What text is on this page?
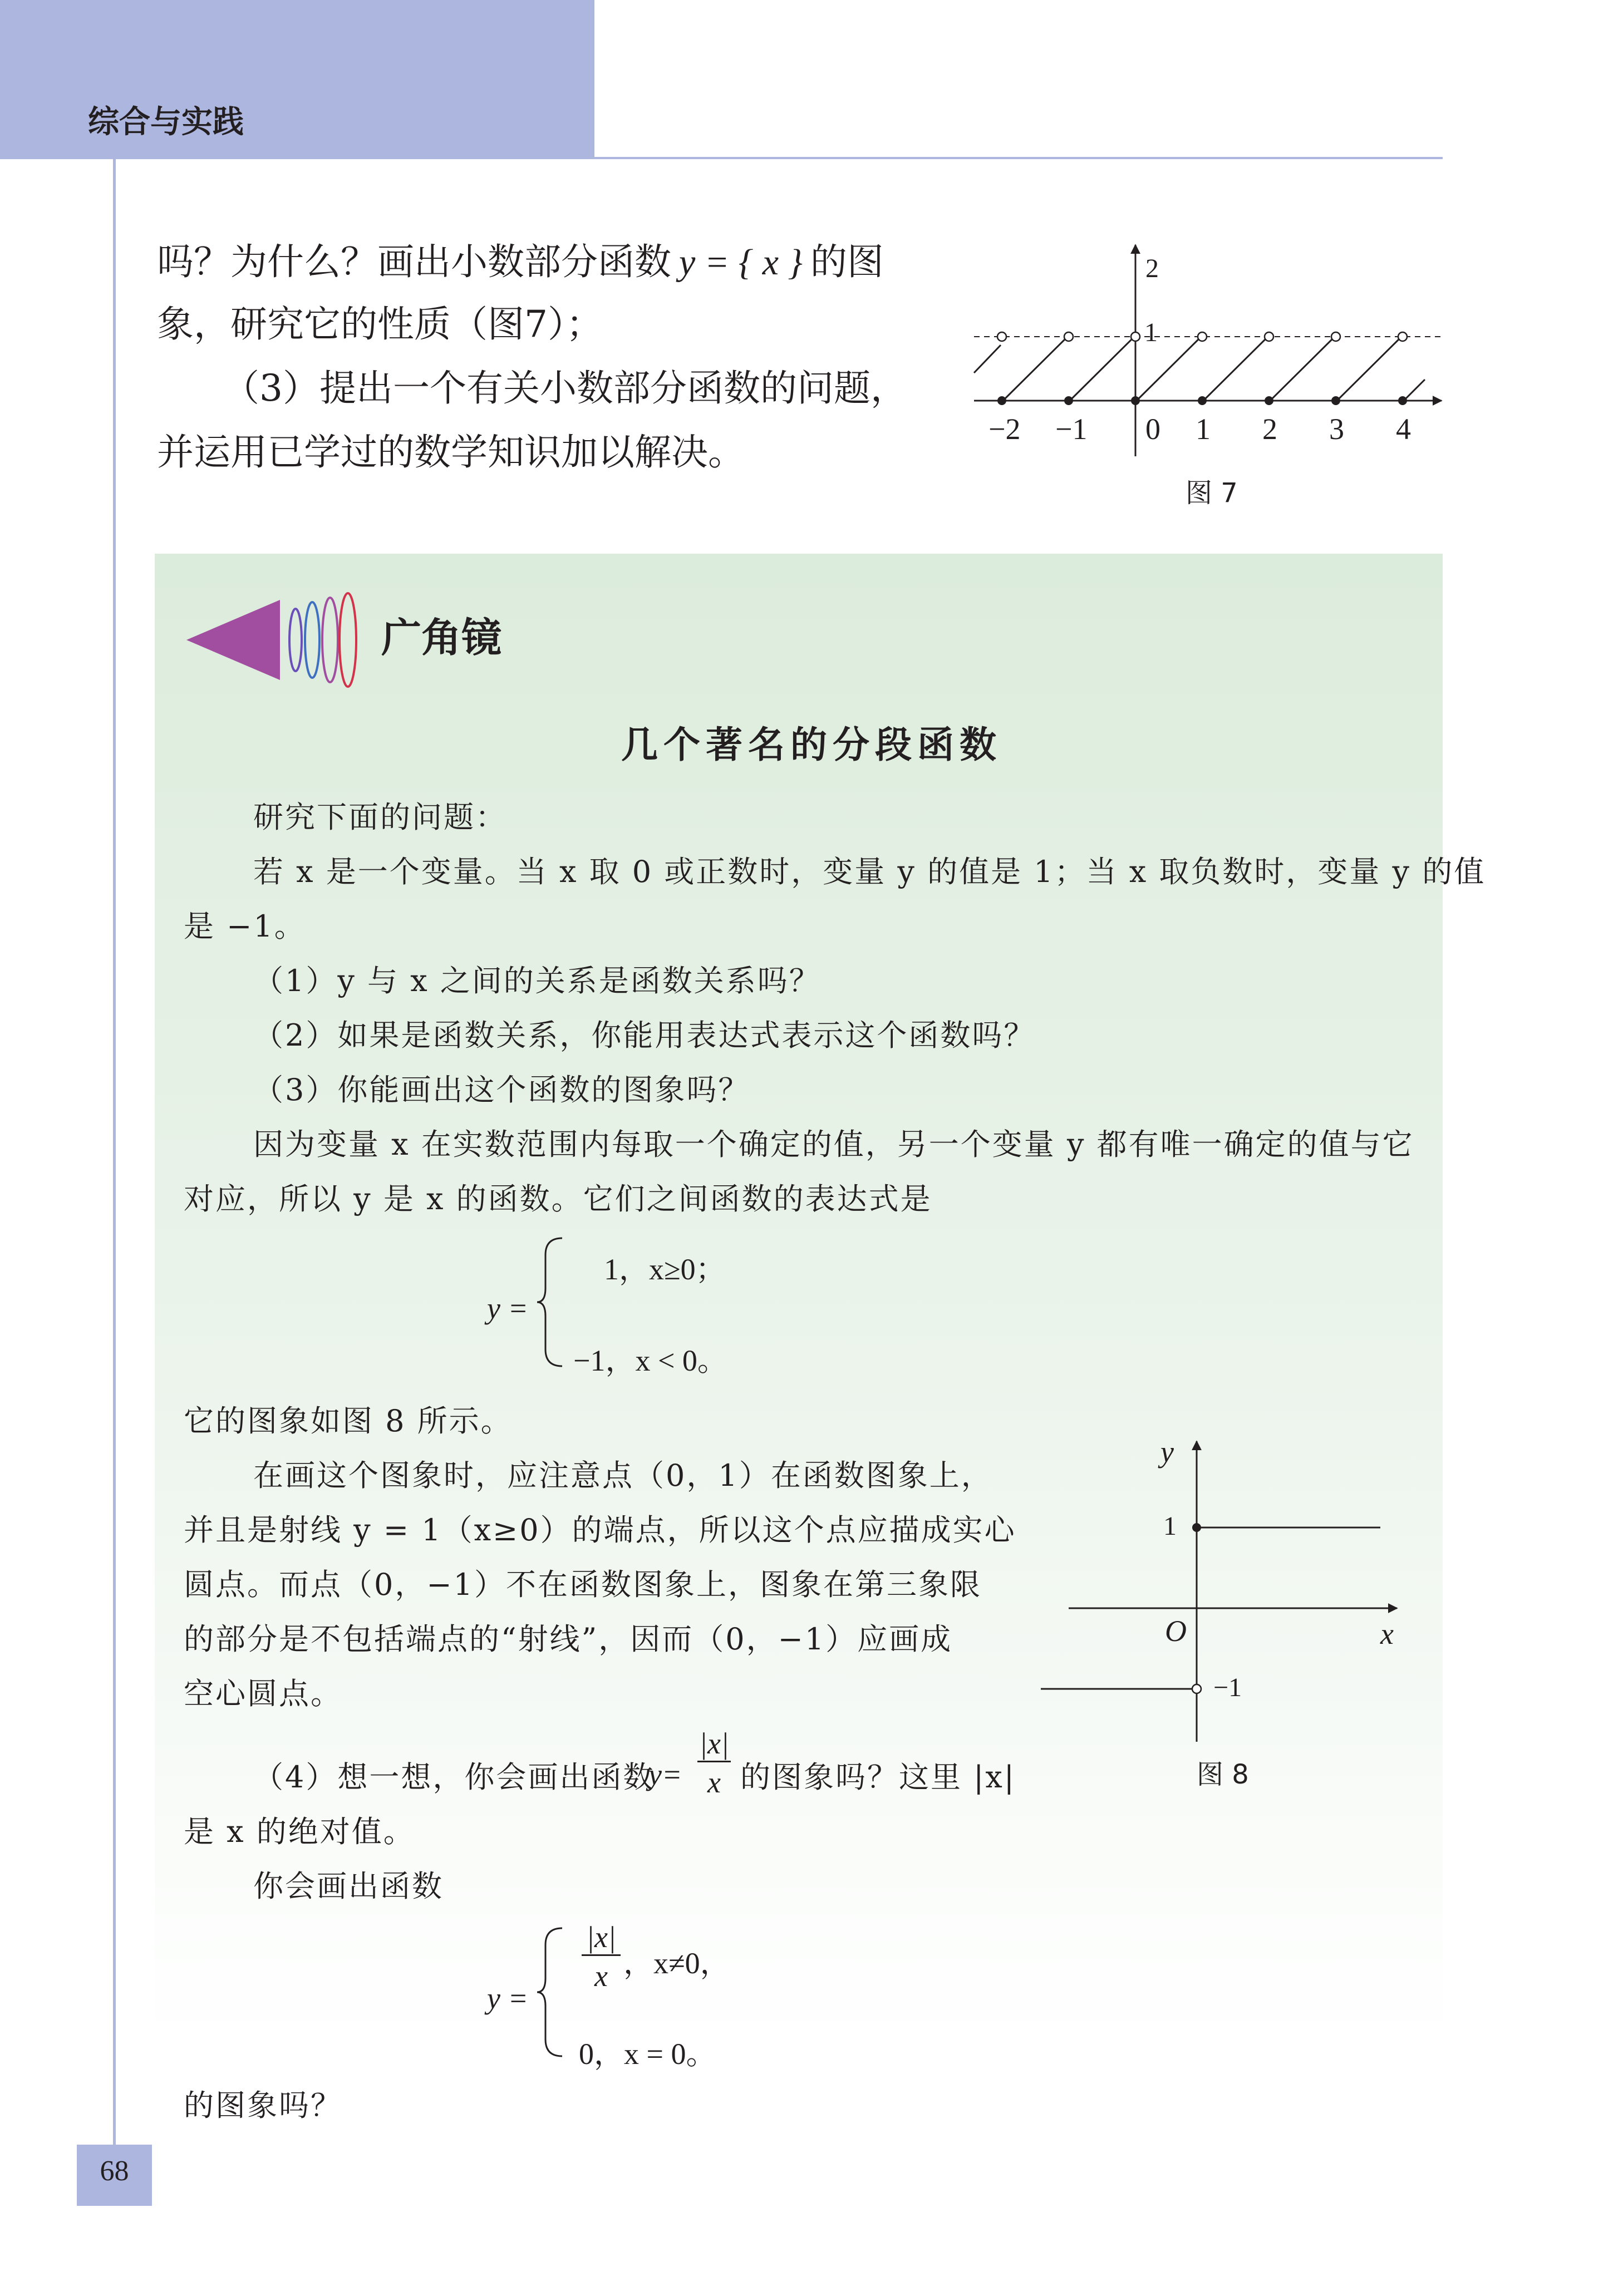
综合与实践
吗？为什么？画出小数部分函数 y = { x } 的图
象，研究它的性质（图7）；
（3）提出一个有关小数部分函数的问题，
并运用已学过的数学知识加以解决。
−2 −1 0 1 2 3 4
1
2
图 7
广角镜
几个著名的分段函数
研究下面的问题：
若 x 是一个变量。当 x 取 0 或正数时，变量 y 的值是 1；当 x 取负数时，变量 y 的值
是 −1。
（1）y 与 x 之间的关系是函数关系吗？
（2）如果是函数关系，你能用表达式表示这个函数吗？
（3）你能画出这个函数的图象吗？
因为变量 x 在实数范围内每取一个确定的值，另一个变量 y 都有唯一确定的值与它
对应，所以 y 是 x 的函数。它们之间函数的表达式是
y =
1，x≥0；
−1，x < 0。
它的图象如图 8 所示。
在画这个图象时，应注意点（0，1）在函数图象上，
并且是射线 y = 1（x≥0）的端点，所以这个点应描成实心
圆点。而点（0，−1）不在函数图象上，图象在第三象限
的部分是不包括端点的“射线”，因而（0，−1）应画成
空心圆点。
y
1
O	x
−1
图 8
（4）想一想，你会画出函数
y=
|x|
x 的图象吗？这里 |x|
是 x 的绝对值。
你会画出函数
y =
|x|
x ，x≠0，
0，x = 0。
的图象吗？
68
